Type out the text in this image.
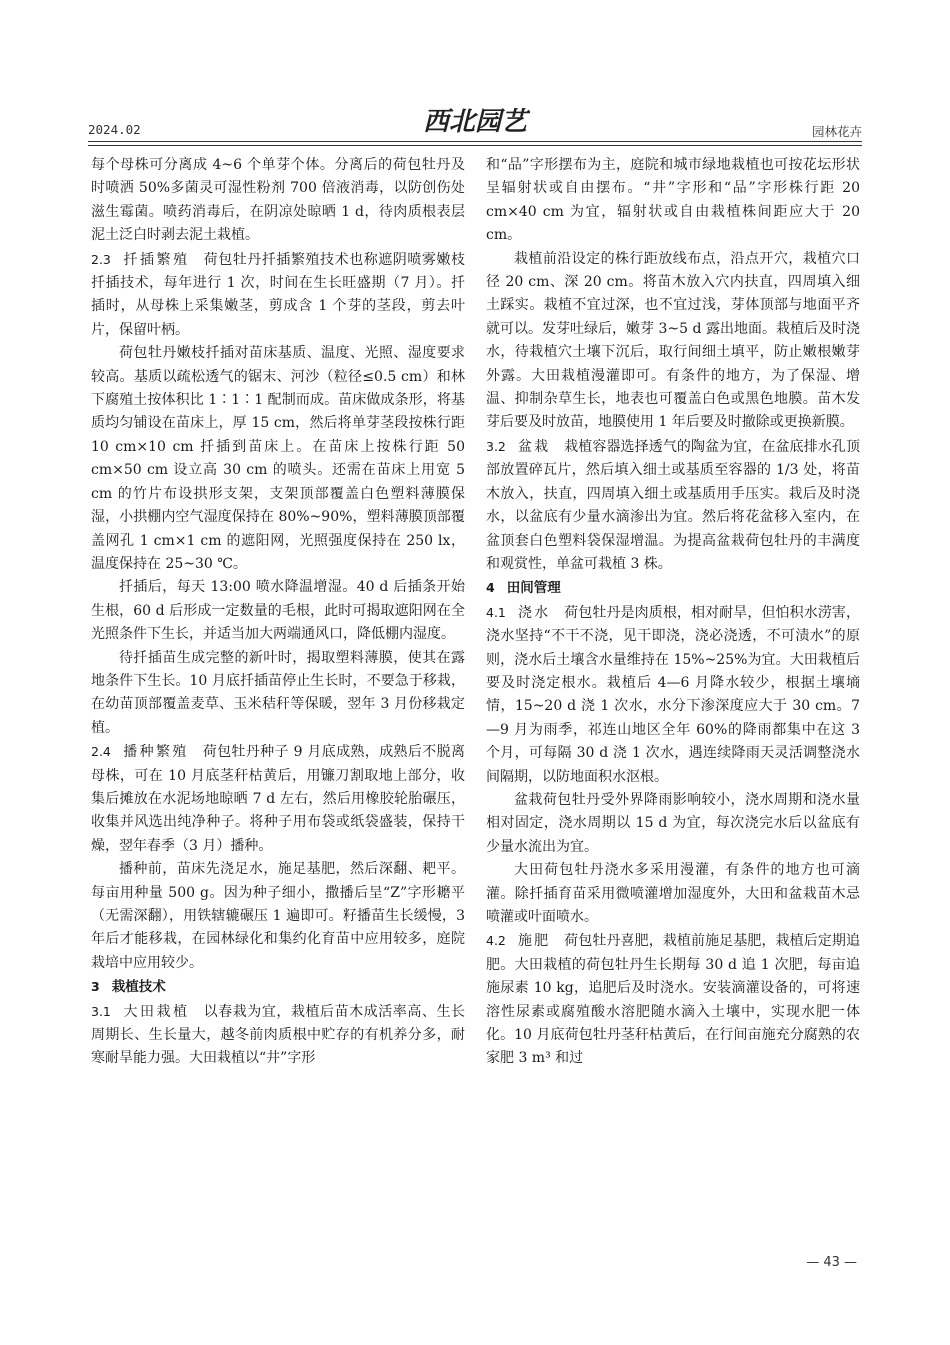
2024.02	西北园艺	园林花卉

每个母株可分离成 4~6 个单芽个体。分离后的荷包牡丹及时喷洒 50%多菌灵可湿性粉剂 700 倍液消毒，以防创伤处滋生霉菌。喷药消毒后，在阴凉处晾晒 1 d，待肉质根表层泥土泛白时剥去泥土栽植。

2.3 扦插繁殖 荷包牡丹扦插繁殖技术也称遮阴喷雾嫩枝扦插技术，每年进行 1 次，时间在生长旺盛期（7 月）。扦插时，从母株上采集嫩茎，剪成含 1 个芽的茎段，剪去叶片，保留叶柄。

荷包牡丹嫩枝扦插对苗床基质、温度、光照、湿度要求较高。基质以疏松透气的锯末、河沙（粒径≤0.5 cm）和林下腐殖土按体积比 1∶1∶1 配制而成。苗床做成条形，将基质均匀铺设在苗床上，厚 15 cm，然后将单芽茎段按株行距 10 cm×10 cm 扦插到苗床上。在苗床上按株行距 50 cm×50 cm 设立高 30 cm 的喷头。还需在苗床上用宽 5 cm 的竹片布设拱形支架，支架顶部覆盖白色塑料薄膜保湿，小拱棚内空气湿度保持在 80%~90%，塑料薄膜顶部覆盖网孔 1 cm×1 cm 的遮阳网，光照强度保持在 250 lx，温度保持在 25~30 ℃。

扦插后，每天 13:00 喷水降温增湿。40 d 后插条开始生根，60 d 后形成一定数量的毛根，此时可揭取遮阳网在全光照条件下生长，并适当加大两端通风口，降低棚内湿度。

待扦插苗生成完整的新叶时，揭取塑料薄膜，使其在露地条件下生长。10 月底扦插苗停止生长时，不要急于移栽，在幼苗顶部覆盖麦草、玉米秸秆等保暖，翌年 3 月份移栽定植。

2.4 播种繁殖 荷包牡丹种子 9 月底成熟，成熟后不脱离母株，可在 10 月底茎秆枯黄后，用镰刀割取地上部分，收集后摊放在水泥场地晾晒 7 d 左右，然后用橡胶轮胎碾压，收集并风选出纯净种子。将种子用布袋或纸袋盛装，保持干燥，翌年春季（3 月）播种。

播种前，苗床先浇足水，施足基肥，然后深翻、耙平。每亩用种量 500 g。因为种子细小，撒播后呈“Z”字形耱平（无需深翻），用铁辖辘碾压 1 遍即可。籽播苗生长缓慢，3 年后才能移栽，在园林绿化和集约化育苗中应用较多，庭院栽培中应用较少。

3 栽植技术

3.1 大田栽植 以春栽为宜，栽植后苗木成活率高、生长周期长、生长量大，越冬前肉质根中贮存的有机养分多，耐寒耐旱能力强。大田栽植以“井”字形

和“品”字形摆布为主，庭院和城市绿地栽植也可按花坛形状呈辐射状或自由摆布。“井”字形和“品”字形株行距 20 cm×40 cm 为宜，辐射状或自由栽植株间距应大于 20 cm。

栽植前沿设定的株行距放线布点，沿点开穴，栽植穴口径 20 cm、深 20 cm。将苗木放入穴内扶直，四周填入细土踩实。栽植不宜过深，也不宜过浅，芽体顶部与地面平齐就可以。发芽吐绿后，嫩芽 3~5 d 露出地面。栽植后及时浇水，待栽植穴土壤下沉后，取行间细土填平，防止嫩根嫩芽外露。大田栽植漫灌即可。有条件的地方，为了保湿、增温、抑制杂草生长，地表也可覆盖白色或黑色地膜。苗木发芽后要及时放苗，地膜使用 1 年后要及时撤除或更换新膜。

3.2 盆栽 栽植容器选择透气的陶盆为宜，在盆底排水孔顶部放置碎瓦片，然后填入细土或基质至容器的 1/3 处，将苗木放入，扶直，四周填入细土或基质用手压实。栽后及时浇水，以盆底有少量水滴渗出为宜。然后将花盆移入室内，在盆顶套白色塑料袋保湿增温。为提高盆栽荷包牡丹的丰满度和观赏性，单盆可栽植 3 株。

4 田间管理

4.1 浇水 荷包牡丹是肉质根，相对耐旱，但怕积水涝害，浇水坚持“不干不浇，见干即浇，浇必浇透，不可渍水”的原则，浇水后土壤含水量维持在 15%~25%为宜。大田栽植后要及时浇定根水。栽植后 4—6 月降水较少，根据土壤墒情，15~20 d 浇 1 次水，水分下渗深度应大于 30 cm。7—9 月为雨季，祁连山地区全年 60%的降雨都集中在这 3 个月，可每隔 30 d 浇 1 次水，遇连续降雨天灵活调整浇水间隔期，以防地面积水沤根。

盆栽荷包牡丹受外界降雨影响较小，浇水周期和浇水量相对固定，浇水周期以 15 d 为宜，每次浇完水后以盆底有少量水流出为宜。

大田荷包牡丹浇水多采用漫灌，有条件的地方也可滴灌。除扦插育苗采用微喷灌增加湿度外，大田和盆栽苗木忌喷灌或叶面喷水。

4.2 施肥 荷包牡丹喜肥，栽植前施足基肥，栽植后定期追肥。大田栽植的荷包牡丹生长期每 30 d 追 1 次肥，每亩追施尿素 10 kg，追肥后及时浇水。安装滴灌设备的，可将速溶性尿素或腐殖酸水溶肥随水滴入土壤中，实现水肥一体化。10 月底荷包牡丹茎秆枯黄后，在行间亩施充分腐熟的农家肥 3 m³ 和过

— 43 —
